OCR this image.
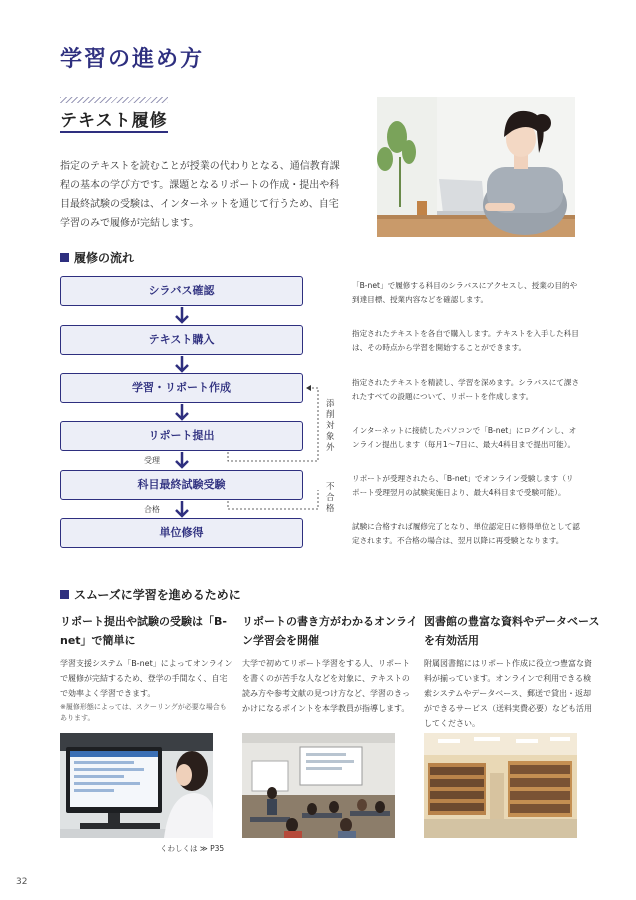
学習の進め方
テキスト履修

指定のテキストを読むことが授業の代わりとなる、通信教育課程の基本の学び方です。課題となるリポートの作成・提出や科目最終試験の受験は、インターネットを通じて行うため、自宅学習のみで履修が完結します。

履修の流れ
シラバス確認
テキスト購入
学習・リポート作成
リポート提出
受理
科目最終試験受験
合格
単位修得
添削対象外
不合格

「B-net」で履修する科目のシラバスにアクセスし、授業の目的や到達目標、授業内容などを確認します。

指定されたテキストを各自で購入します。テキストを入手した科目は、その時点から学習を開始することができます。

指定されたテキストを精読し、学習を深めます。シラバスにて課されたすべての設題について、リポートを作成します。

インターネットに接続したパソコンで「B-net」にログインし、オンライン提出します（毎月1〜7日に、最大4科目まで提出可能）。

リポートが受理されたら、「B-net」でオンライン受験します（リポート受理翌月の試験実施日より、最大4科目まで受験可能）。

試験に合格すれば履修完了となり、単位認定日に修得単位として認定されます。不合格の場合は、翌月以降に再受験となります。

スムーズに学習を進めるために
リポート提出や試験の受験は「B-net」で簡単に

学習支援システム「B-net」によってオンラインで履修が完結するため、登学の手間なく、自宅で効率よく学習できます。

※履修形態によっては、スクーリングが必要な場合もあります。

くわしくは ≫ P35
リポートの書き方がわかるオンライン学習会を開催

大学で初めてリポート学習をする人、リポートを書くのが苦手な人などを対象に、テキストの読み方や参考文献の見つけ方など、学習のきっかけになるポイントを本学教員が指導します。

図書館の豊富な資料やデータベースを有効活用

附属図書館にはリポート作成に役立つ豊富な資料が揃っています。オンラインで利用できる検索システムやデータベース、郵送で貸出・返却ができるサービス（送料実費必要）なども活用してください。

32
